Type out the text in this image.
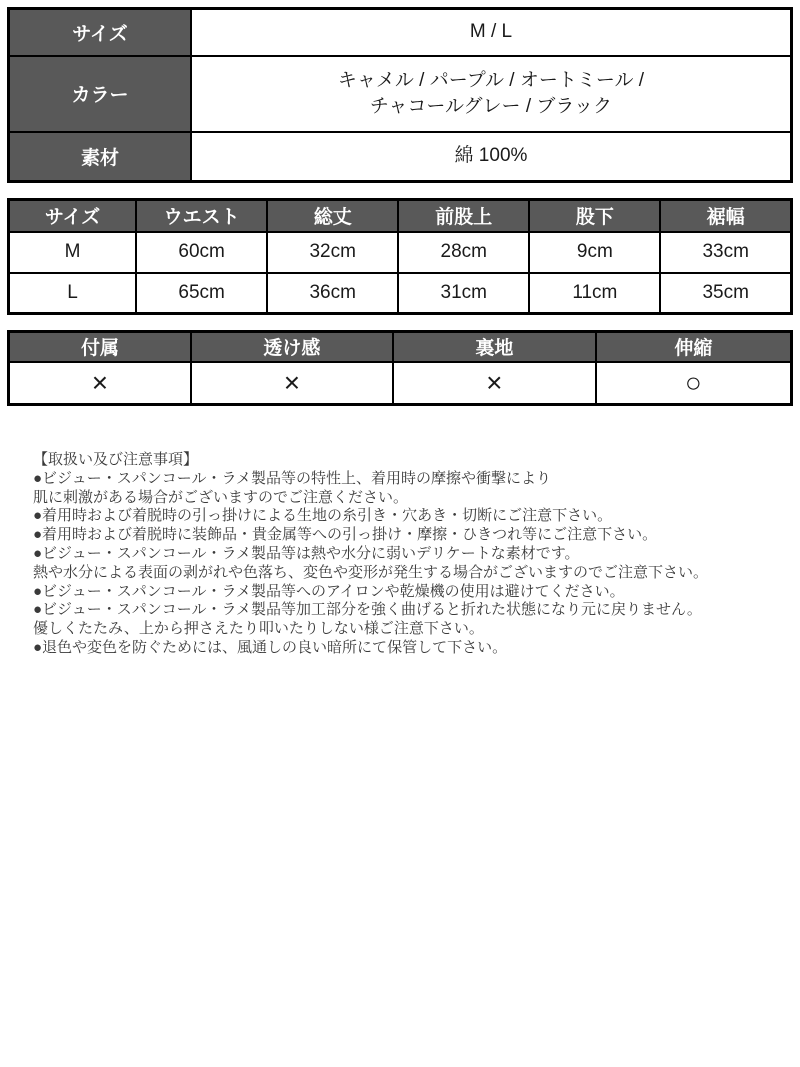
サイズ	M / L
カラー	キャメル / パープル / オートミール /
チャコールグレー / ブラック
素材	綿 100%
サイズ	ウエスト	総丈	前股上	股下	裾幅
M	60cm	32cm	28cm	9cm	33cm
L	65cm	36cm	31cm	11cm	35cm
付属	透け感	裏地	伸縮
×	×	×	○
【取扱い及び注意事項】
●ビジュー・スパンコール・ラメ製品等の特性上、着用時の摩擦や衝撃により
肌に刺激がある場合がございますのでご注意ください。
●着用時および着脱時の引っ掛けによる生地の糸引き・穴あき・切断にご注意下さい。
●着用時および着脱時に装飾品・貴金属等への引っ掛け・摩擦・ひきつれ等にご注意下さい。
●ビジュー・スパンコール・ラメ製品等は熱や水分に弱いデリケートな素材です。
熱や水分による表面の剥がれや色落ち、変色や変形が発生する場合がございますのでご注意下さい。
●ビジュー・スパンコール・ラメ製品等へのアイロンや乾燥機の使用は避けてください。
●ビジュー・スパンコール・ラメ製品等加工部分を強く曲げると折れた状態になり元に戻りません。
優しくたたみ、上から押さえたり叩いたりしない様ご注意下さい。
●退色や変色を防ぐためには、風通しの良い暗所にて保管して下さい。
